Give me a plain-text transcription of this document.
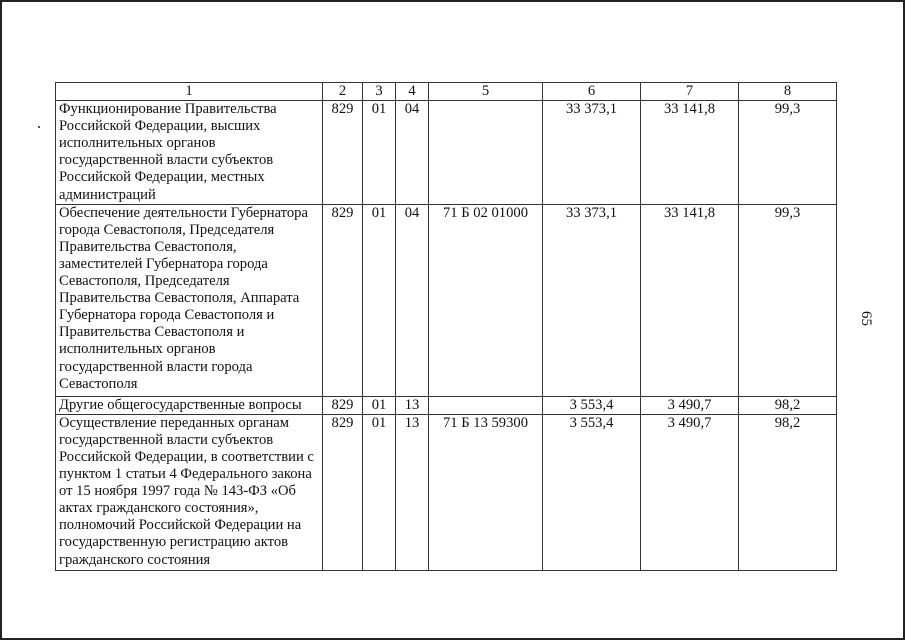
1	2	3	4	5	6	7	8
Функционирование Правительства Российской Федерации, высших исполнительных органов государственной власти субъектов Российской Федерации, местных администраций	829	01	04		33 373,1	33 141,8	99,3
Обеспечение деятельности Губернатора города Севастополя, Председателя Правительства Севастополя, заместителей Губернатора города Севастополя, Председателя Правительства Севастополя, Аппарата Губернатора города Севастополя и Правительства Севастополя и исполнительных органов государственной власти города Севастополя	829	01	04	71 Б 02 01000	33 373,1	33 141,8	99,3
Другие общегосударственные вопросы	829	01	13		3 553,4	3 490,7	98,2
Осуществление переданных органам государственной власти субъектов Российской Федерации, в соответствии с пунктом 1 статьи 4 Федерального закона от 15 ноября 1997 года № 143-ФЗ «Об актах гражданского состояния», полномочий Российской Федерации на государственную регистрацию актов гражданского состояния	829	01	13	71 Б 13 59300	3 553,4	3 490,7	98,2
65
